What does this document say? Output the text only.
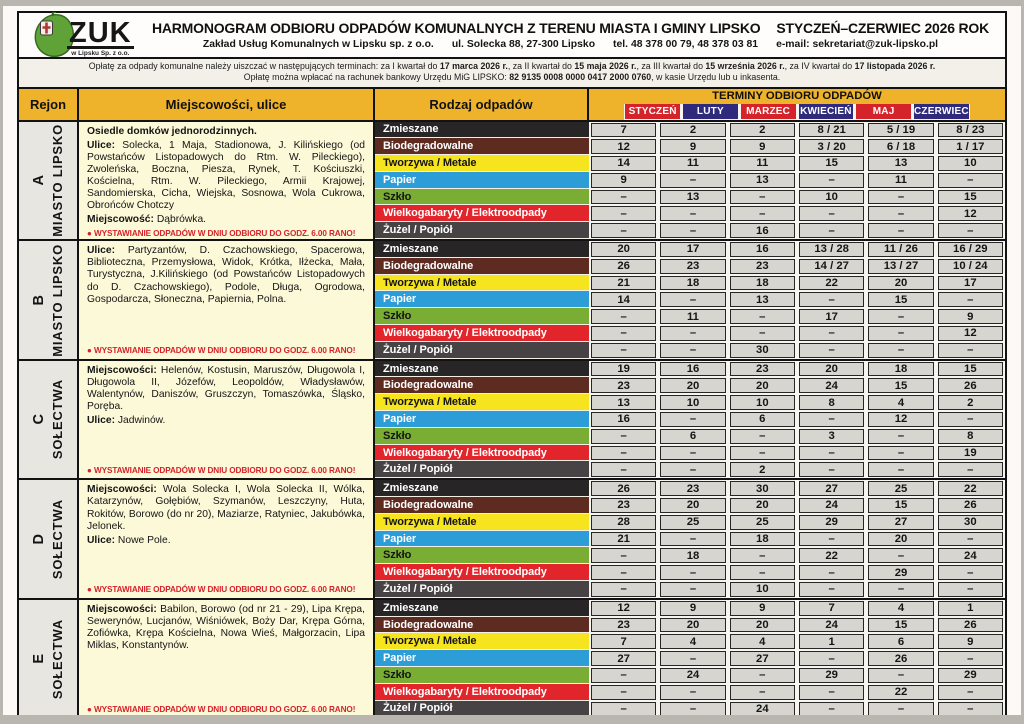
ZUK
w Lipsku Sp. z o.o.
HARMONOGRAM ODBIORU ODPADÓW KOMUNALNYCH Z TERENU MIASTA I GMINY LIPSKO STYCZEŃ–CZERWIEC 2026 ROK
Zakład Usług Komunalnych w Lipsku sp. z o.o. ul. Solecka 88, 27-300 Lipsko tel. 48 378 00 79, 48 378 03 81 e-mail: sekretariat@zuk-lipsko.pl
Opłatę za odpady komunalne należy uiszczać w następujących terminach: za I kwartał do 17 marca 2026 r., za II kwartał do 15 maja 2026 r., za III kwartał do 15 września 2026 r., za IV kwartał do 17 listopada 2026 r.
Opłatę można wpłacać na rachunek bankowy Urzędu MiG LIPSKO: 82 9135 0008 0000 0417 2000 0760, w kasie Urzędu lub u inkasenta.
Rejon	Miejscowości, ulice	Rodzaj odpadów
TERMINY ODBIORU ODPADÓW
STYCZEŃ	LUTY	MARZEC KWIECIEŃ	MAJ	CZERWIEC
A MIASTO LIPSKO Osiedle domków jednorodzinnych.

Ulice: Solecka, 1 Maja, Stadionowa, J. Kilińskiego (od Powstańców Listopadowych do Rtm. W. Pileckiego), Zwoleńska, Boczna, Piesza, Rynek, T. Kościuszki, Kościelna, Rtm. W. Pileckiego, Armii Krajowej, Sandomierska, Cicha, Wiejska, Sosnowa, Wola Cukrowa, Obrońców Chotczy

Miejscowość: Dąbrówka.

● WYSTAWIANIE ODPADÓW W DNIU ODBIORU DO GODZ. 6.00 RANO!
Zmieszane	7	2	2	8 / 21	5 / 19	8 / 23
Biodegradowalne	12	9	9	3 / 20	6 / 18	1 / 17
Tworzywa / Metale	14	11	11	15	13	10
Papier	9	–	13	–	11	–
Szkło	–	13	–	10	–	15
Wielkogabaryty / Elektroodpady	–	–	–	–	–	12
Żużel / Popiół	–	–	16	–	–	–
B MIASTO LIPSKO Ulice: Partyzantów, D. Czachowskiego, Spacerowa, Biblioteczna, Przemysłowa, Widok, Krótka, Iłżecka, Mała, Turystyczna, J.Kilińskiego (od Powstańców Listopadowych do D. Czachowskiego), Podole, Długa, Ogrodowa, Gospodarcza, Słoneczna, Papiernia, Polna.

● WYSTAWIANIE ODPADÓW W DNIU ODBIORU DO GODZ. 6.00 RANO!
Zmieszane	20	17	16	13 / 28	11 / 26	16 / 29
Biodegradowalne	26	23	23	14 / 27	13 / 27	10 / 24
Tworzywa / Metale	21	18	18	22	20	17
Papier	14	–	13	–	15	–
Szkło	–	11	–	17	–	9
Wielkogabaryty / Elektroodpady	–	–	–	–	–	12
Żużel / Popiół	–	–	30	–	–	–
C SOŁECTWA

Miejscowości: Helenów, Kostusin, Maruszów, Długowola I, Długowola II, Józefów, Leopoldów, Władysławów, Walentynów, Daniszów, Gruszczyn, Tomaszówka, Śląsko, Poręba.

Ulice: Jadwinów.

● WYSTAWIANIE ODPADÓW W DNIU ODBIORU DO GODZ. 6.00 RANO!
Zmieszane	19	16	23	20	18	15
Biodegradowalne	23	20	20	24	15	26
Tworzywa / Metale	13	10	10	8	4	2
Papier	16	–	6	–	12	–
Szkło	–	6	–	3	–	8
Wielkogabaryty / Elektroodpady	–	–	–	–	–	19
Żużel / Popiół	–	–	2	–	–	–
D SOŁECTWA

Miejscowości: Wola Solecka I, Wola Solecka II, Wólka, Katarzynów, Gołębiów, Szymanów, Leszczyny, Huta, Rokitów, Borowo (do nr 20), Maziarze, Ratyniec, Jakubówka, Jelonek.

Ulice: Nowe Pole.

● WYSTAWIANIE ODPADÓW W DNIU ODBIORU DO GODZ. 6.00 RANO!
Zmieszane	26	23	30	27	25	22
Biodegradowalne	23	20	20	24	15	26
Tworzywa / Metale	28	25	25	29	27	30
Papier	21	–	18	–	20	–
Szkło	–	18	–	22	–	24
Wielkogabaryty / Elektroodpady	–	–	–	–	29	–
Żużel / Popiół	–	–	10	–	–	–
E SOŁECTWA

Miejscowości: Babilon, Borowo (od nr 21 - 29), Lipa Krępa, Sewerynów, Lucjanów, Wiśniówek, Boży Dar, Krępa Górna, Zofiówka, Krępa Kościelna, Nowa Wieś, Małgorzacin, Lipa Miklas, Konstantynów.

● WYSTAWIANIE ODPADÓW W DNIU ODBIORU DO GODZ. 6.00 RANO!
Zmieszane	12	9	9	7	4	1
Biodegradowalne	23	20	20	24	15	26
Tworzywa / Metale	7	4	4	1	6	9
Papier	27	–	27	–	26	–
Szkło	–	24	–	29	–	29
Wielkogabaryty / Elektroodpady	–	–	–	–	22	–
Żużel / Popiół	–	–	24	–	–	–
